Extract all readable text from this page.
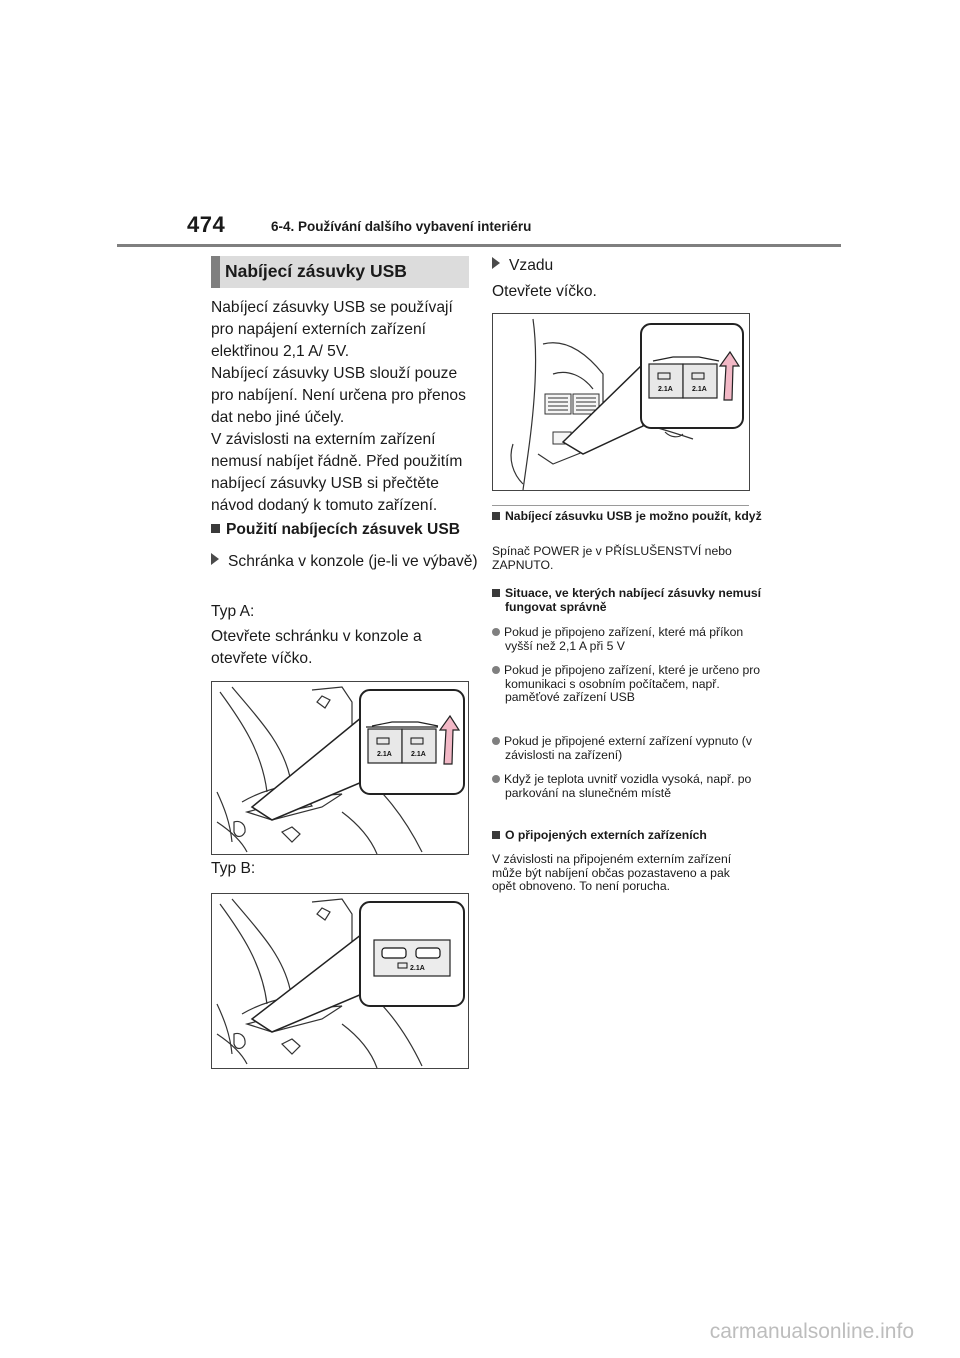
474	6-4. Používání dalšího vybavení interiéru
Nabíjecí zásuvky USB

Nabíjecí zásuvky USB se používají pro napájení externích zařízení elektřinou 2,1 A/ 5V.

Nabíjecí zásuvky USB slouží pouze pro nabíjení. Není určena pro přenos dat nebo jiné účely.

V závislosti na externím zařízení nemusí nabíjet řádně. Před použitím nabíjecí zásuvky USB si přečtěte návod dodaný k tomuto zařízení.

Použití nabíjecích zásuvek USB
Schránka v konzole (je-li ve výbavě)
Typ A:
Otevřete schránku v konzole a otevřete víčko.
2.1A	2.1A
Typ B:
2.1A
Vzadu
Otevřete víčko.
2.1A	2.1A
Nabíjecí zásuvku USB je možno použít, když
Spínač POWER je v PŘÍSLUŠENSTVÍ nebo ZAPNUTO.
Situace, ve kterých nabíjecí zásuvky nemusí fungovat správně
Pokud je připojeno zařízení, které má příkon vyšší než 2,1 A při 5 V
Pokud je připojeno zařízení, které je určeno pro komunikaci s osobním počítačem, např. paměťové zařízení USB
Pokud je připojené externí zařízení vypnuto (v závislosti na zařízení)
Když je teplota uvnitř vozidla vysoká, např. po parkování na slunečném místě
O připojených externích zařízeních
V závislosti na připojeném externím zařízení může být nabíjení občas pozastaveno a pak opět obnoveno. To není porucha.
carmanualsonline.info
